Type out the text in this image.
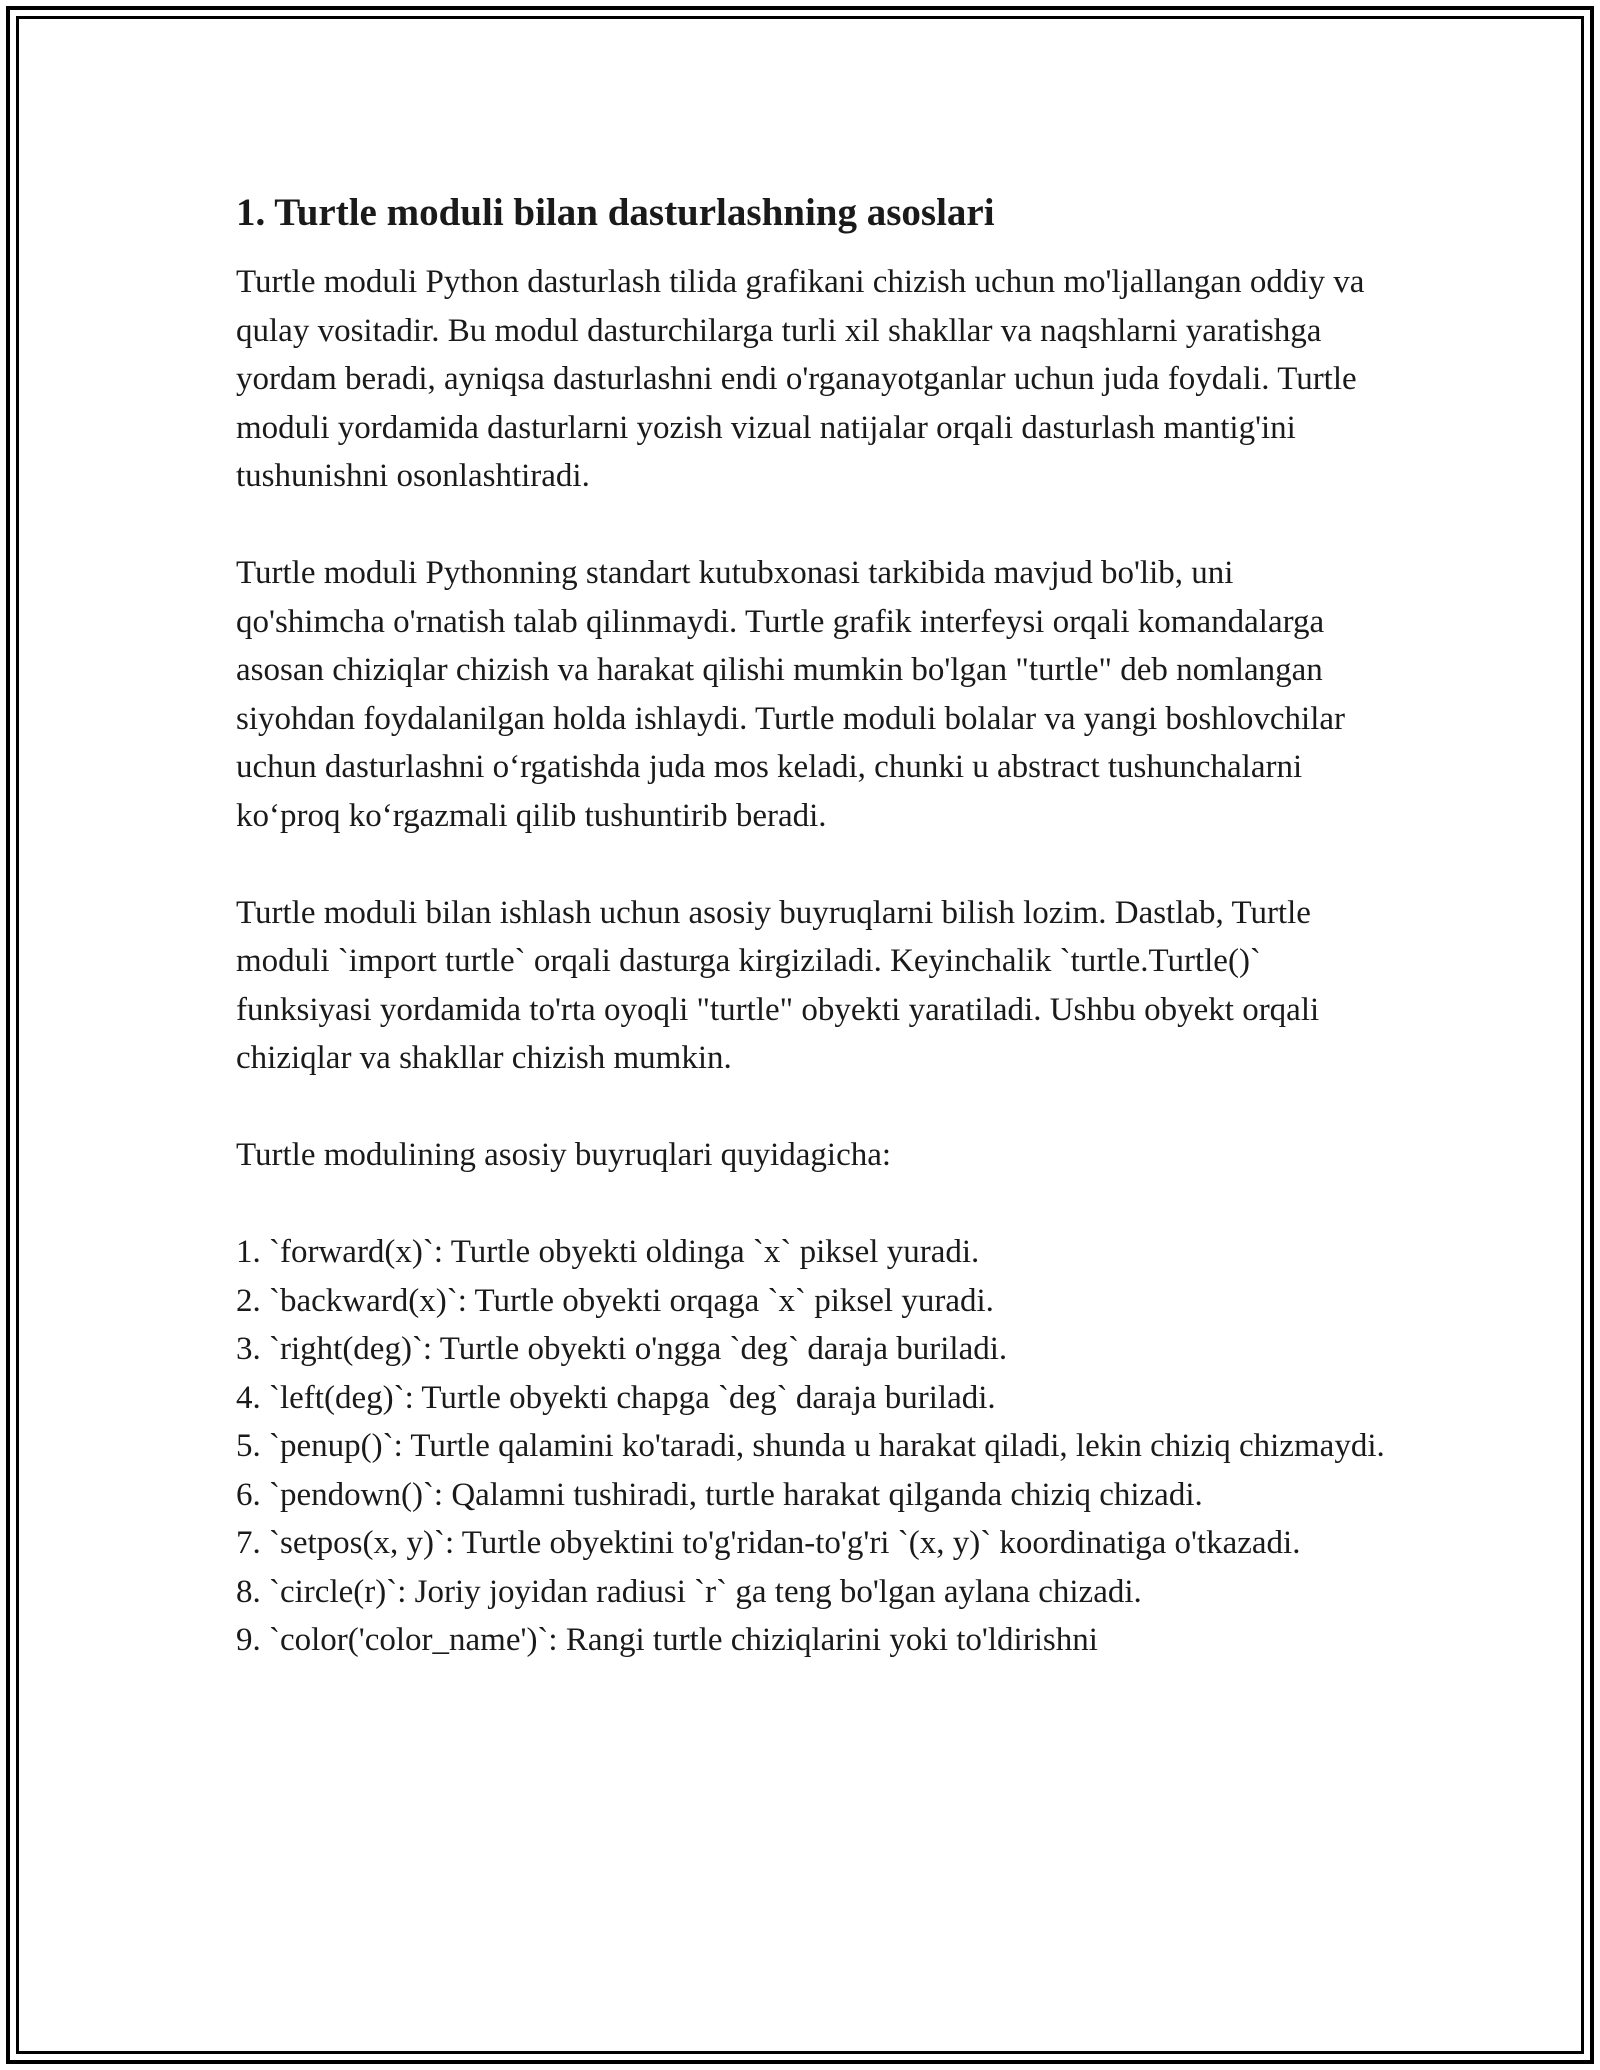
1. Turtle moduli bilan dasturlashning asoslari

Turtle moduli Python dasturlash tilida grafikani chizish uchun mo'ljallangan oddiy va qulay vositadir. Bu modul dasturchilarga turli xil shakllar va naqshlarni yaratishga yordam beradi, ayniqsa dasturlashni endi o'rganayotganlar uchun juda foydali. Turtle moduli yordamida dasturlarni yozish vizual natijalar orqali dasturlash mantig'ini tushunishni osonlashtiradi.

Turtle moduli Pythonning standart kutubxonasi tarkibida mavjud bo'lib, uni qo'shimcha o'rnatish talab qilinmaydi. Turtle grafik interfeysi orqali komandalarga asosan chiziqlar chizish va harakat qilishi mumkin bo'lgan "turtle" deb nomlangan siyohdan foydalanilgan holda ishlaydi. Turtle moduli bolalar va yangi boshlovchilar uchun dasturlashni o‘rgatishda juda mos keladi, chunki u abstract tushunchalarni ko‘proq ko‘rgazmali qilib tushuntirib beradi.

Turtle moduli bilan ishlash uchun asosiy buyruqlarni bilish lozim. Dastlab, Turtle moduli `import turtle` orqali dasturga kirgiziladi. Keyinchalik `turtle.Turtle()` funksiyasi yordamida to'rta oyoqli "turtle" obyekti yaratiladi. Ushbu obyekt orqali chiziqlar va shakllar chizish mumkin.

Turtle modulining asosiy buyruqlari quyidagicha:

1. `forward(x)`: Turtle obyekti oldinga `x` piksel yuradi.
2. `backward(x)`: Turtle obyekti orqaga `x` piksel yuradi.
3. `right(deg)`: Turtle obyekti o'ngga `deg` daraja buriladi.
4. `left(deg)`: Turtle obyekti chapga `deg` daraja buriladi.
5. `penup()`: Turtle qalamini ko'taradi, shunda u harakat qiladi, lekin chiziq chizmaydi.
6. `pendown()`: Qalamni tushiradi, turtle harakat qilganda chiziq chizadi.
7. `setpos(x, y)`: Turtle obyektini to'g'ridan-to'g'ri `(x, y)` koordinatiga o'tkazadi.
8. `circle(r)`: Joriy joyidan radiusi `r` ga teng bo'lgan aylana chizadi.
9. `color('color_name')`: Rangi turtle chiziqlarini yoki to'ldirishni
